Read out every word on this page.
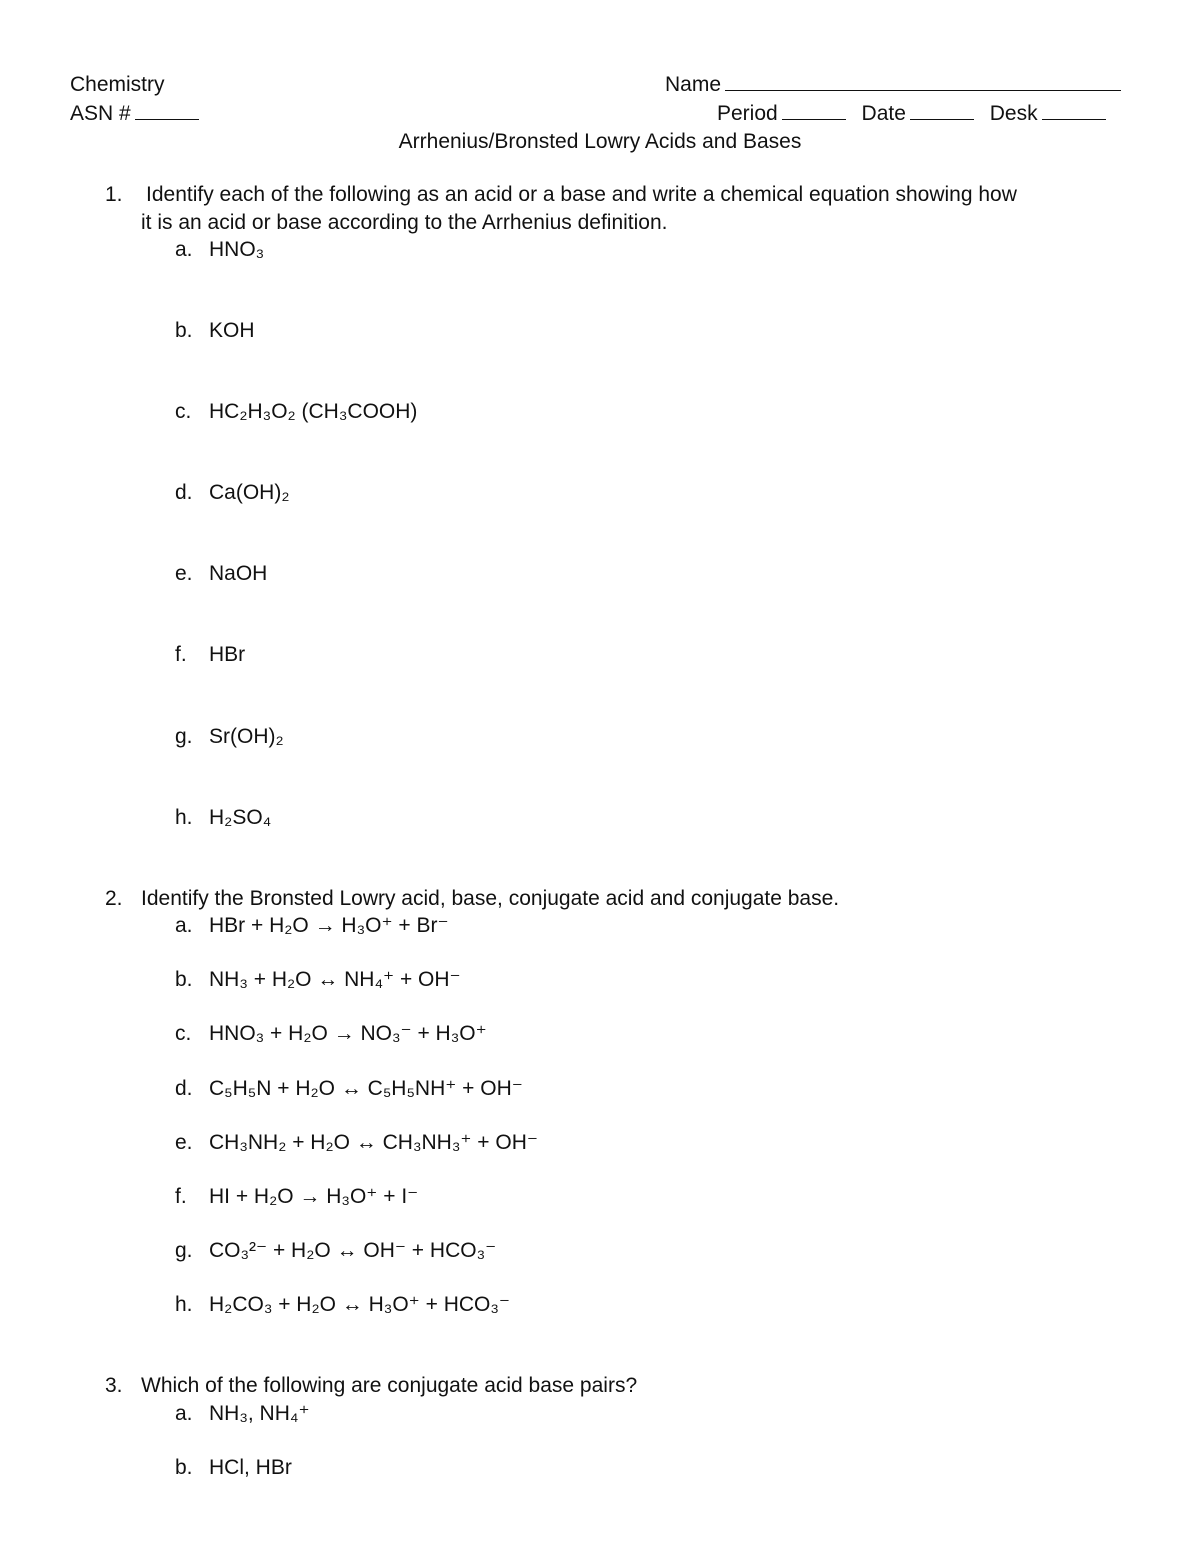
Chemistry
ASN #
Name
Period	Date	Desk
Arrhenius/Bronsted Lowry Acids and Bases
1. Identify each of the following as an acid or a base and write a chemical equation showing how
it is an acid or base according to the Arrhenius definition.
a. HNO₃
b. KOH
c. HC₂H₃O₂ (CH₃COOH)
d. Ca(OH)₂
e. NaOH
f. HBr
g. Sr(OH)₂
h. H₂SO₄
2. Identify the Bronsted Lowry acid, base, conjugate acid and conjugate base.
a. HBr + H₂O → H₃O⁺ + Br⁻
b. NH₃ + H₂O ↔ NH₄⁺ + OH⁻
c. HNO₃ + H₂O → NO₃⁻ + H₃O⁺
d. C₅H₅N + H₂O ↔ C₅H₅NH⁺ + OH⁻
e. CH₃NH₂ + H₂O ↔ CH₃NH₃⁺ + OH⁻
f. HI + H₂O → H₃O⁺ + I⁻
g. CO₃²⁻ + H₂O ↔ OH⁻ + HCO₃⁻
h. H₂CO₃ + H₂O ↔ H₃O⁺ + HCO₃⁻
3. Which of the following are conjugate acid base pairs?
a. NH₃, NH₄⁺
b. HCl, HBr
